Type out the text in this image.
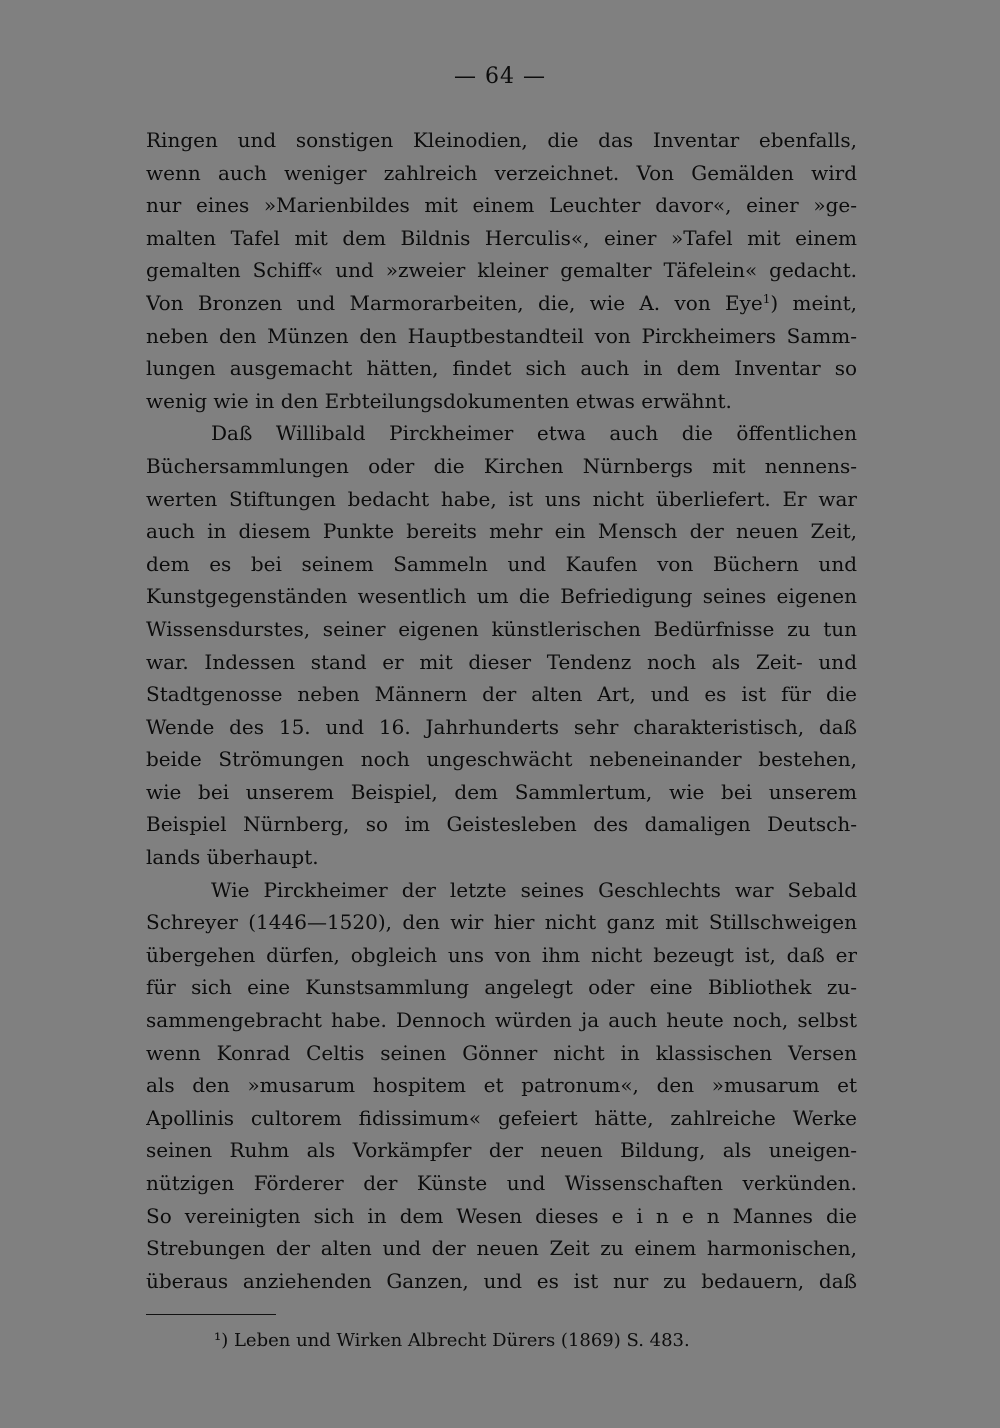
— 64 —
Ringen und sonstigen Kleinodien, die das Inventar ebenfalls,
wenn auch weniger zahlreich verzeichnet. Von Gemälden wird
nur eines »Marienbildes mit einem Leuchter davor«, einer »ge-
malten Tafel mit dem Bildnis Herculis«, einer »Tafel mit einem
gemalten Schiff« und »zweier kleiner gemalter Täfelein« gedacht.
Von Bronzen und Marmorarbeiten, die, wie A. von Eye$^1$) meint,
neben den Münzen den Hauptbestandteil von Pirckheimers Samm-
lungen ausgemacht hätten, findet sich auch in dem Inventar so
wenig wie in den Erbteilungsdokumenten etwas erwähnt.
Daß Willibald Pirckheimer etwa auch die öffentlichen
Büchersammlungen oder die Kirchen Nürnbergs mit nennens-
werten Stiftungen bedacht habe, ist uns nicht überliefert. Er war
auch in diesem Punkte bereits mehr ein Mensch der neuen Zeit,
dem es bei seinem Sammeln und Kaufen von Büchern und
Kunstgegenständen wesentlich um die Befriedigung seines eigenen
Wissensdurstes, seiner eigenen künstlerischen Bedürfnisse zu tun
war. Indessen stand er mit dieser Tendenz noch als Zeit- und
Stadtgenosse neben Männern der alten Art, und es ist für die
Wende des 15. und 16. Jahrhunderts sehr charakteristisch, daß
beide Strömungen noch ungeschwächt nebeneinander bestehen,
wie bei unserem Beispiel, dem Sammlertum, wie bei unserem
Beispiel Nürnberg, so im Geistesleben des damaligen Deutsch-
lands überhaupt.
Wie Pirckheimer der letzte seines Geschlechts war Sebald
Schreyer (1446—1520), den wir hier nicht ganz mit Stillschweigen
übergehen dürfen, obgleich uns von ihm nicht bezeugt ist, daß er
für sich eine Kunstsammlung angelegt oder eine Bibliothek zu-
sammengebracht habe. Dennoch würden ja auch heute noch, selbst
wenn Konrad Celtis seinen Gönner nicht in klassischen Versen
als den »musarum hospitem et patronum«, den »musarum et
Apollinis cultorem fidissimum« gefeiert hätte, zahlreiche Werke
seinen Ruhm als Vorkämpfer der neuen Bildung, als uneigen-
nützigen Förderer der Künste und Wissenschaften verkünden.
So vereinigten sich in dem Wesen dieses e i n e n Mannes die
Strebungen der alten und der neuen Zeit zu einem harmonischen,
überaus anziehenden Ganzen, und es ist nur zu bedauern, daß
¹) Leben und Wirken Albrecht Dürers (1869) S. 483.
